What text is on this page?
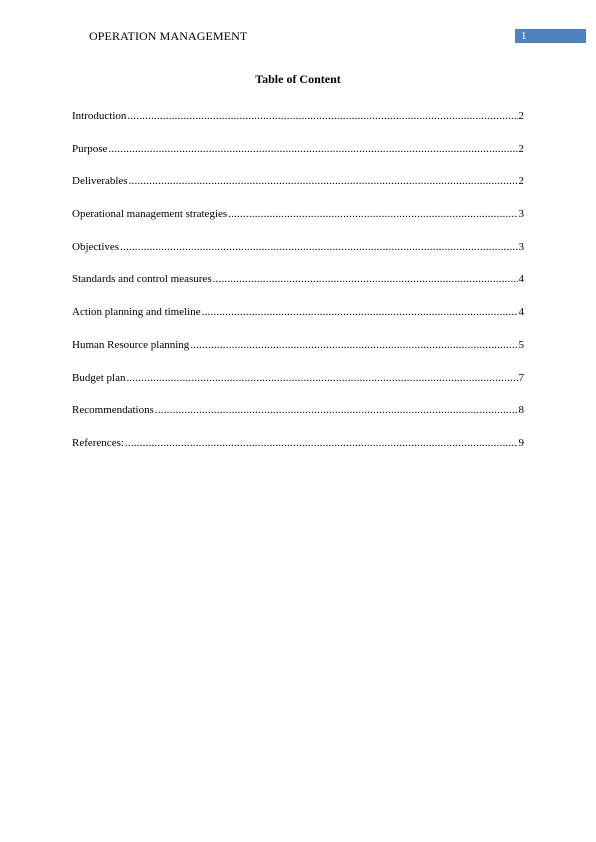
OPERATION MANAGEMENT	1
Table of Content
Introduction .....	2
Purpose .....	2
Deliverables .....	2
Operational management strategies .....	3
Objectives .....	3
Standards and control measures .....	4
Action planning and timeline .....	4
Human Resource planning .....	5
Budget plan .....	7
Recommendations .....	8
References: .....	9
